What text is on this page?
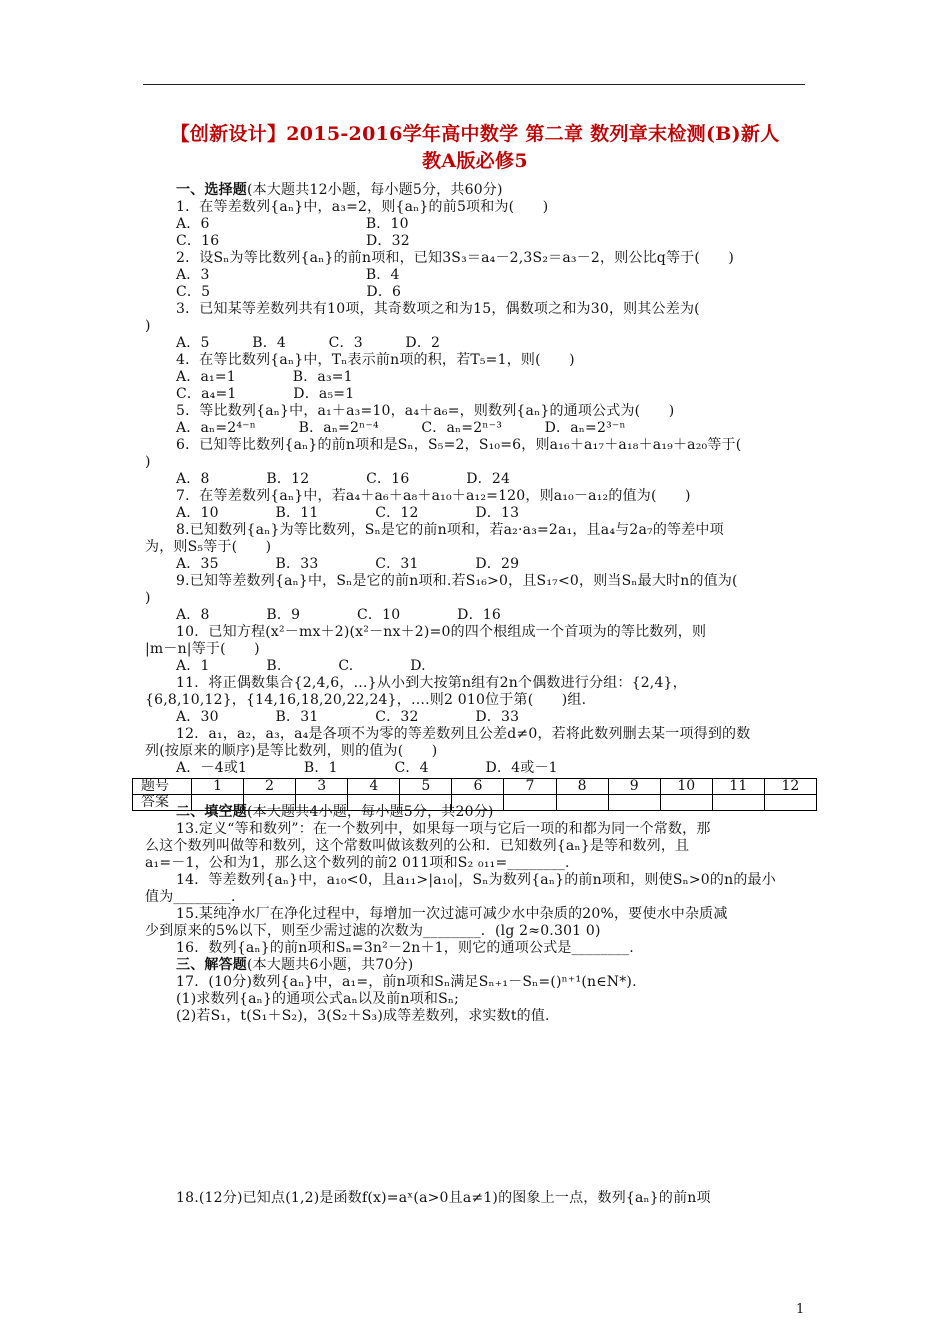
【创新设计】2015-2016学年高中数学 第二章 数列章末检测(B)新人
教A版必修5
一、选择题(本大题共12小题，每小题5分，共60分)
1．在等差数列{aₙ}中，a₃=2，则{aₙ}的前5项和为(　　)
A．6　　　　　　　　　　　B．10
C．16　　　　　　　　　　 D．32
2．设Sₙ为等比数列{aₙ}的前n项和，已知3S₃＝a₄－2,3S₂＝a₃－2，则公比q等于(　　)
A．3　　　　　　　　　　　B．4
C．5　　　　　　　　　　　D．6
3．已知某等差数列共有10项，其奇数项之和为15，偶数项之和为30，则其公差为(
)
A．5　　　B．4　　　C．3　　　D．2
4．在等比数列{aₙ}中，Tₙ表示前n项的积，若T₅=1，则(　　)
A．a₁=1　　　　B．a₃=1
C．a₄=1　　　　D．a₅=1
5．等比数列{aₙ}中，a₁＋a₃=10，a₄＋a₆=，则数列{aₙ}的通项公式为(　　)
A．aₙ=2⁴⁻ⁿ　　　B．aₙ=2ⁿ⁻⁴　　　C．aₙ=2ⁿ⁻³　　　D．aₙ=2³⁻ⁿ
6．已知等比数列{aₙ}的前n项和是Sₙ，S₅=2，S₁₀=6，则a₁₆＋a₁₇＋a₁₈＋a₁₉＋a₂₀等于(
)
A．8　　　　B．12　　　　C．16　　　　D．24
7．在等差数列{aₙ}中，若a₄＋a₆＋a₈＋a₁₀＋a₁₂=120，则a₁₀－a₁₂的值为(　　)
A．10　　　　B．11　　　　C．12　　　　D．13
8.已知数列{aₙ}为等比数列，Sₙ是它的前n项和，若a₂·a₃=2a₁，且a₄与2a₇的等差中项
为，则S₅等于(　　)
A．35　　　　B．33　　　　C．31　　　　D．29
9.已知等差数列{aₙ}中，Sₙ是它的前n项和.若S₁₆>0，且S₁₇<0，则当Sₙ最大时n的值为(
)
A．8　　　　B．9　　　　C．10　　　　D．16
10．已知方程(x²－mx＋2)(x²－nx＋2)=0的四个根组成一个首项为的等比数列，则
|m－n|等于(　　)
A．1　　　　B.　　　　C.　　　　D.
11．将正偶数集合{2,4,6，…}从小到大按第n组有2n个偶数进行分组：{2,4}，
{6,8,10,12}，{14,16,18,20,22,24}，….则2 010位于第(　　)组.
A．30　　　　B．31　　　　C．32　　　　D．33
12．a₁，a₂，a₃，a₄是各项不为零的等差数列且公差d≠0，若将此数列删去某一项得到的数
列(按原来的顺序)是等比数列，则的值为(　　)
A．－4或1　　　　B．1　　　　C．4　　　　D．4或－1
题号	1	2	3	4	5	6	7	8	9	10	11	12
答案												
二、填空题(本大题共4小题，每小题5分，共20分)
13.定义“等和数列”：在一个数列中，如果每一项与它后一项的和都为同一个常数，那
么这个数列叫做等和数列，这个常数叫做该数列的公和．已知数列{aₙ}是等和数列，且
a₁=－1，公和为1，那么这个数列的前2 011项和S₂ ₀₁₁=________.
14．等差数列{aₙ}中，a₁₀<0，且a₁₁>|a₁₀|，Sₙ为数列{aₙ}的前n项和，则使Sₙ>0的n的最小
值为________.
15.某纯净水厂在净化过程中，每增加一次过滤可减少水中杂质的20%，要使水中杂质减
少到原来的5%以下，则至少需过滤的次数为________．(lg 2≈0.301 0)
16．数列{aₙ}的前n项和Sₙ=3n²－2n＋1，则它的通项公式是________.
三、解答题(本大题共6小题，共70分)
17．(10分)数列{aₙ}中，a₁=，前n项和Sₙ满足Sₙ₊₁－Sₙ=()ⁿ⁺¹(n∈N*).
(1)求数列{aₙ}的通项公式aₙ以及前n项和Sₙ;
(2)若S₁，t(S₁＋S₂)，3(S₂＋S₃)成等差数列，求实数t的值.
18.(12分)已知点(1,2)是函数f(x)=aˣ(a>0且a≠1)的图象上一点，数列{aₙ}的前n项
1
